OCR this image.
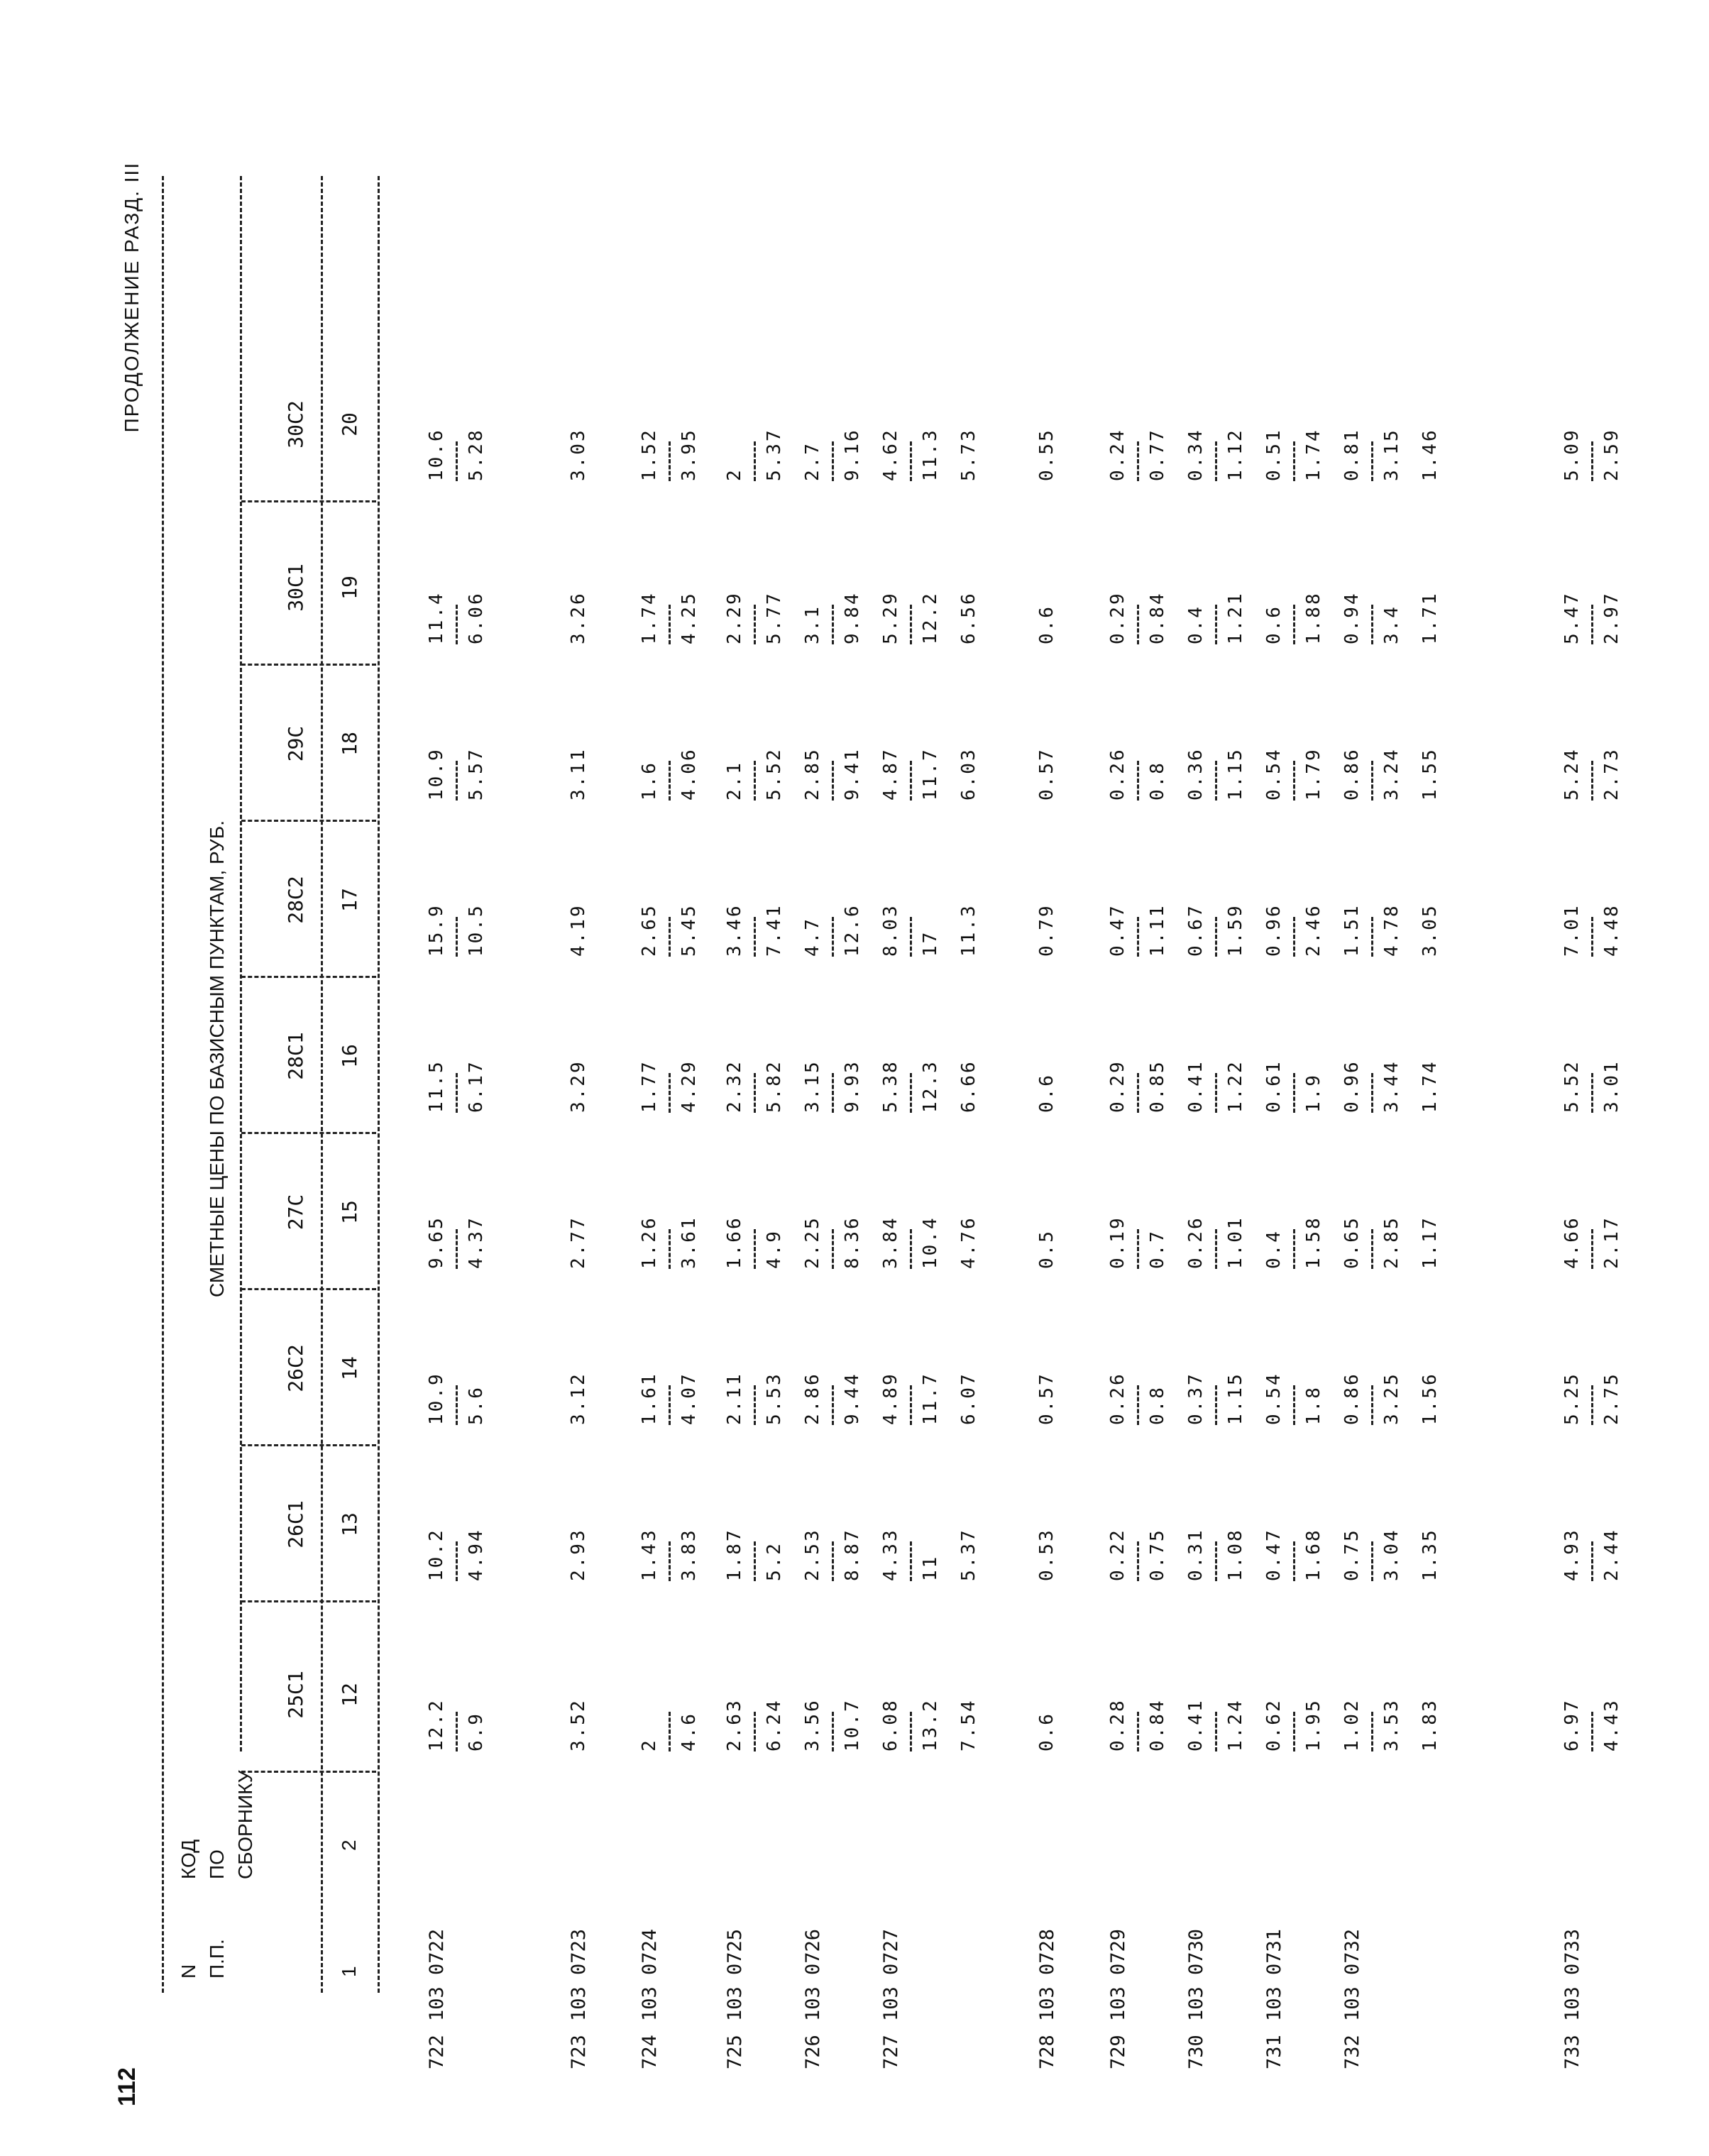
112
ПРОДОЛЖЕНИЕ РАЗД. III
N П.П.
КОД ПО СБОРНИКУ
СМЕТНЫЕ ЦЕНЫ ПО БАЗИСНЫМ ПУНКТАМ, РУБ.
1
2
25С1 12
26С1 13
26С2 14
27С 15
28С1 16
28С2 17
29С 18
30С1 19
30С2 20
722
103 0722
12.2 6.9
10.2 4.94
10.9 5.6
9.65 4.37
11.5 6.17
15.9 10.5
10.9 5.57
11.4 6.06
10.6 5.28
723
103 0723
3.52
2.93
3.12
2.77
3.29
4.19
3.11
3.26
3.03
724
103 0724
2 4.6
1.43 3.83
1.61 4.07
1.26 3.61
1.77 4.29
2.65 5.45
1.6 4.06
1.74 4.25
1.52 3.95
725
103 0725
2.63 6.24
1.87 5.2
2.11 5.53
1.66 4.9
2.32 5.82
3.46 7.41
2.1 5.52
2.29 5.77
2 5.37
726
103 0726
3.56 10.7
2.53 8.87
2.86 9.44
2.25 8.36
3.15 9.93
4.7 12.6
2.85 9.41
3.1 9.84
2.7 9.16
727
103 0727
6.08 13.2
4.33 11
4.89 11.7
3.84 10.4
5.38 12.3
8.03 17
4.87 11.7
5.29 12.2
4.62 11.3
7.54
5.37
6.07
4.76
6.66
11.3
6.03
6.56
5.73
728
103 0728
0.6
0.53
0.57
0.5
0.6
0.79
0.57
0.6
0.55
729
103 0729
0.28 0.84
0.22 0.75
0.26 0.8
0.19 0.7
0.29 0.85
0.47 1.11
0.26 0.8
0.29 0.84
0.24 0.77
730
103 0730
0.41 1.24
0.31 1.08
0.37 1.15
0.26 1.01
0.41 1.22
0.67 1.59
0.36 1.15
0.4 1.21
0.34 1.12
731
103 0731
0.62 1.95
0.47 1.68
0.54 1.8
0.4 1.58
0.61 1.9
0.96 2.46
0.54 1.79
0.6 1.88
0.51 1.74
732
103 0732
1.02 3.53
0.75 3.04
0.86 3.25
0.65 2.85
0.96 3.44
1.51 4.78
0.86 3.24
0.94 3.4
0.81 3.15
1.83
1.35
1.56
1.17
1.74
3.05
1.55
1.71
1.46
733
103 0733
6.97 4.43
4.93 2.44
5.25 2.75
4.66 2.17
5.52 3.01
7.01 4.48
5.24 2.73
5.47 2.97
5.09 2.59
